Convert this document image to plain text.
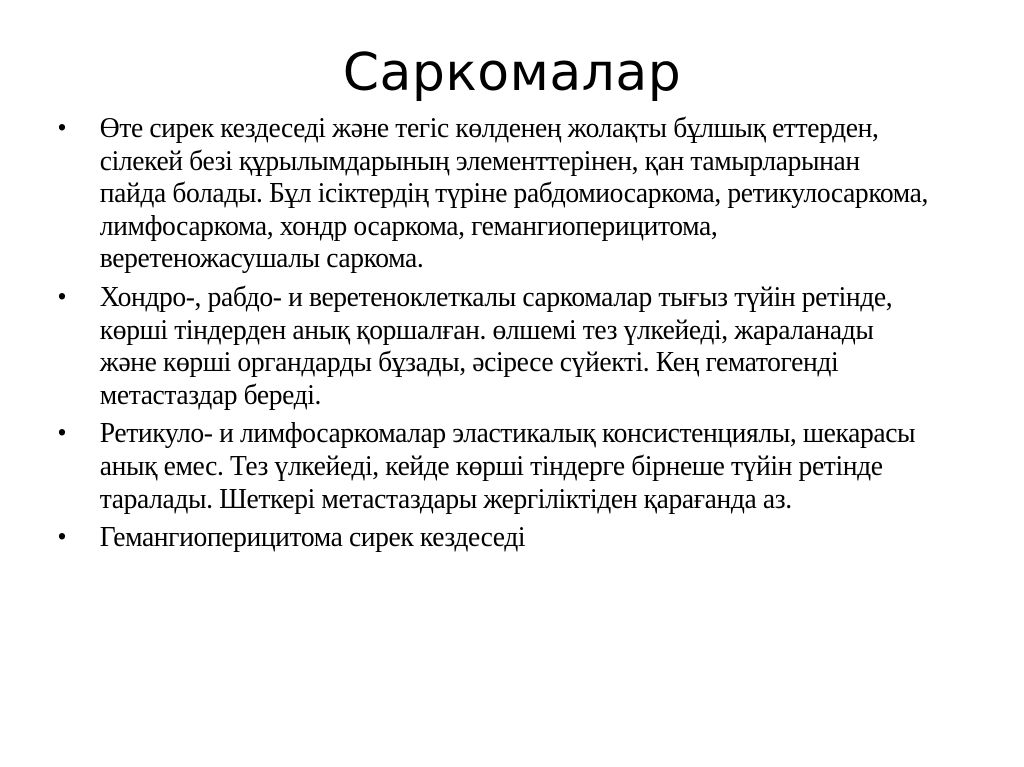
Саркомалар
• Өте сирек кездеседі және тегіс көлденең жолақты бұлшық еттерден, сілекей безі құрылымдарының элементтерінен, қан тамырларынан пайда болады. Бұл ісіктердің түріне рабдомиосаркома, ретикулосаркома, лимфосаркома, хондр осаркома, гемангиоперицитома, веретеножасушалы саркома.
• Хондро-, рабдо- и веретеноклеткалы саркомалар тығыз түйін ретінде, көрші тіндерден анық қоршалған. өлшемі тез үлкейеді, жараланады және көрші органдарды бұзады, әсіресе сүйекті. Кең гематогенді метастаздар береді.
• Ретикуло- и лимфосаркомалар эластикалық консистенциялы, шекарасы анық емес. Тез үлкейеді, кейде көрші тіндерге бірнеше түйін ретінде таралады. Шеткері метастаздары жергіліктіден қарағанда аз.
• Гемангиоперицитома сирек кездеседі
